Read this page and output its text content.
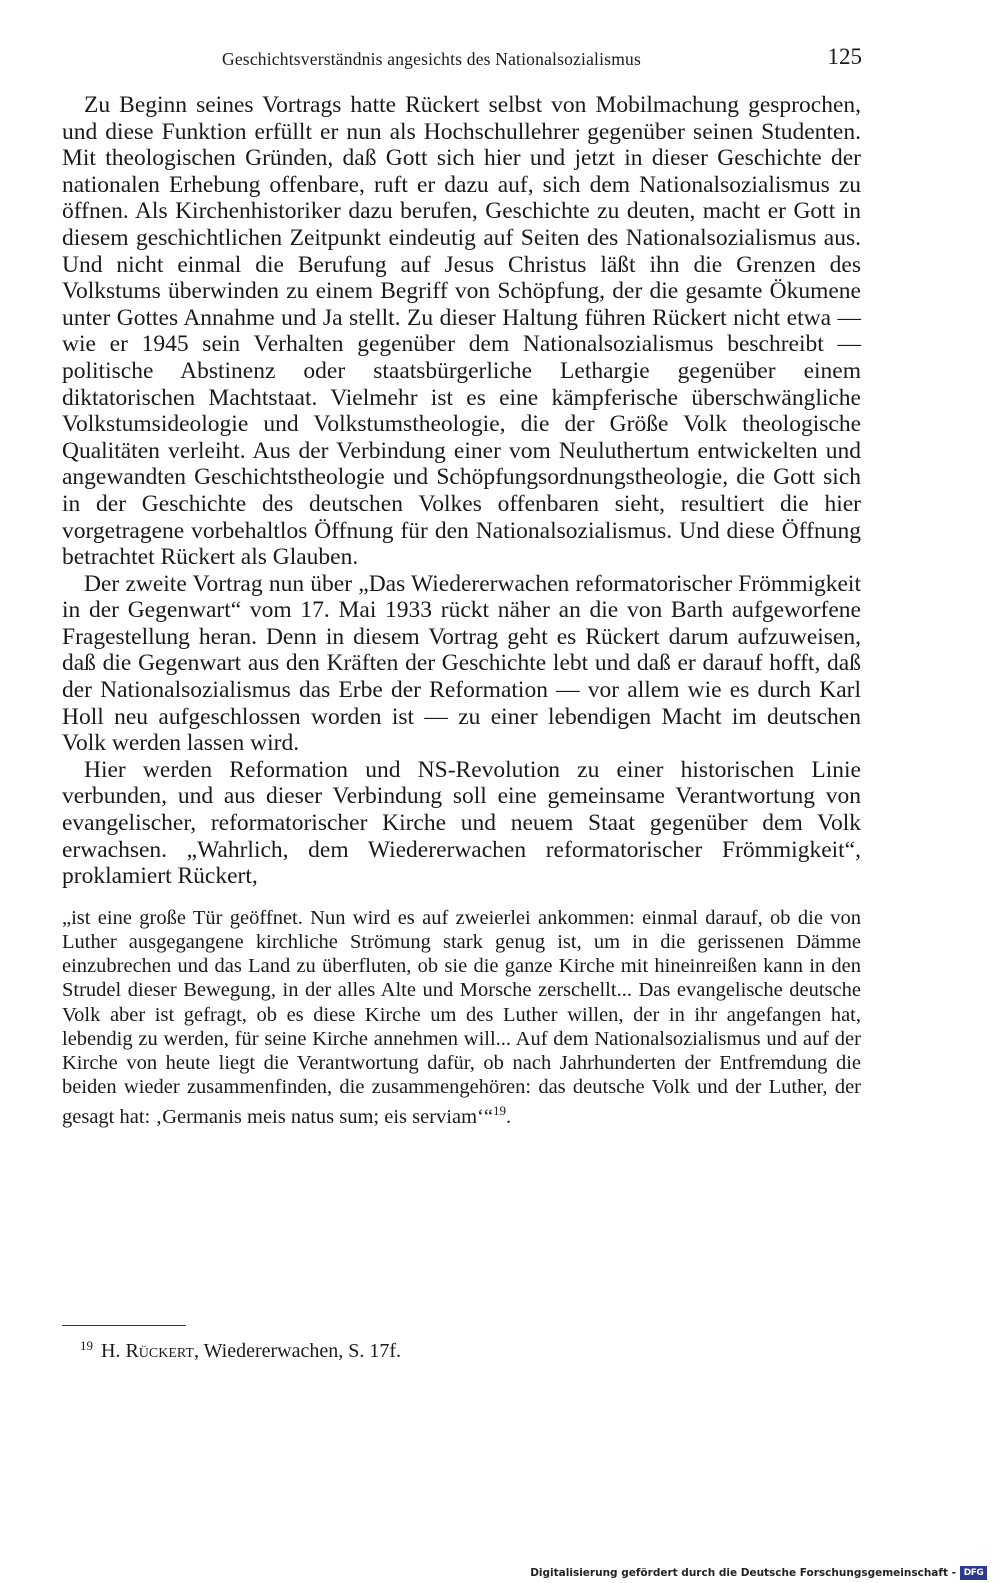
Geschichtsverständnis angesichts des Nationalsozialismus	125

Zu Beginn seines Vortrags hatte Rückert selbst von Mobilmachung gesprochen, und diese Funktion erfüllt er nun als Hochschullehrer gegenüber seinen Studenten. Mit theologischen Gründen, daß Gott sich hier und jetzt in dieser Geschichte der nationalen Erhebung offenbare, ruft er dazu auf, sich dem Nationalsozialismus zu öffnen. Als Kirchenhistoriker dazu berufen, Geschichte zu deuten, macht er Gott in diesem geschichtlichen Zeitpunkt eindeutig auf Seiten des Nationalsozialismus aus. Und nicht einmal die Berufung auf Jesus Christus läßt ihn die Grenzen des Volkstums überwinden zu einem Begriff von Schöpfung, der die gesamte Ökumene unter Gottes Annahme und Ja stellt. Zu dieser Haltung führen Rückert nicht etwa — wie er 1945 sein Verhalten gegenüber dem Nationalsozialismus beschreibt — politische Abstinenz oder staatsbürgerliche Lethargie gegenüber einem diktatorischen Machtstaat. Vielmehr ist es eine kämpferische überschwängliche Volkstumsideologie und Volkstumstheologie, die der Größe Volk theologische Qualitäten verleiht. Aus der Verbindung einer vom Neuluthertum entwickelten und angewandten Geschichtstheologie und Schöpfungsordnungstheologie, die Gott sich in der Geschichte des deutschen Volkes offenbaren sieht, resultiert die hier vorgetragene vorbehaltlos Öffnung für den Nationalsozialismus. Und diese Öffnung betrachtet Rückert als Glauben.

Der zweite Vortrag nun über „Das Wiedererwachen reformatorischer Frömmigkeit in der Gegenwart“ vom 17. Mai 1933 rückt näher an die von Barth aufgeworfene Fragestellung heran. Denn in diesem Vortrag geht es Rückert darum aufzuweisen, daß die Gegenwart aus den Kräften der Geschichte lebt und daß er darauf hofft, daß der Nationalsozialismus das Erbe der Reformation — vor allem wie es durch Karl Holl neu aufgeschlossen worden ist — zu einer lebendigen Macht im deutschen Volk werden lassen wird.

Hier werden Reformation und NS-Revolution zu einer historischen Linie verbunden, und aus dieser Verbindung soll eine gemeinsame Verantwortung von evangelischer, reformatorischer Kirche und neuem Staat gegenüber dem Volk erwachsen. „Wahrlich, dem Wiedererwachen reformatorischer Frömmigkeit“, proklamiert Rückert,

„ist eine große Tür geöffnet. Nun wird es auf zweierlei ankommen: einmal darauf, ob die von Luther ausgegangene kirchliche Strömung stark genug ist, um in die gerissenen Dämme einzubrechen und das Land zu überfluten, ob sie die ganze Kirche mit hineinreißen kann in den Strudel dieser Bewegung, in der alles Alte und Morsche zerschellt... Das evangelische deutsche Volk aber ist gefragt, ob es diese Kirche um des Luther willen, der in ihr angefangen hat, lebendig zu werden, für seine Kirche annehmen will... Auf dem Nationalsozialismus und auf der Kirche von heute liegt die Verantwortung dafür, ob nach Jahrhunderten der Entfremdung die beiden wieder zusammenfinden, die zusammengehören: das deutsche Volk und der Luther, der gesagt hat: ‚Germanis meis natus sum; eis serviam‘“$^{19}$.

$^{19}$ H. Rückert, Wiedererwachen, S. 17f.
Digitalisierung gefördert durch die Deutsche Forschungsgemeinschaft - DFG
